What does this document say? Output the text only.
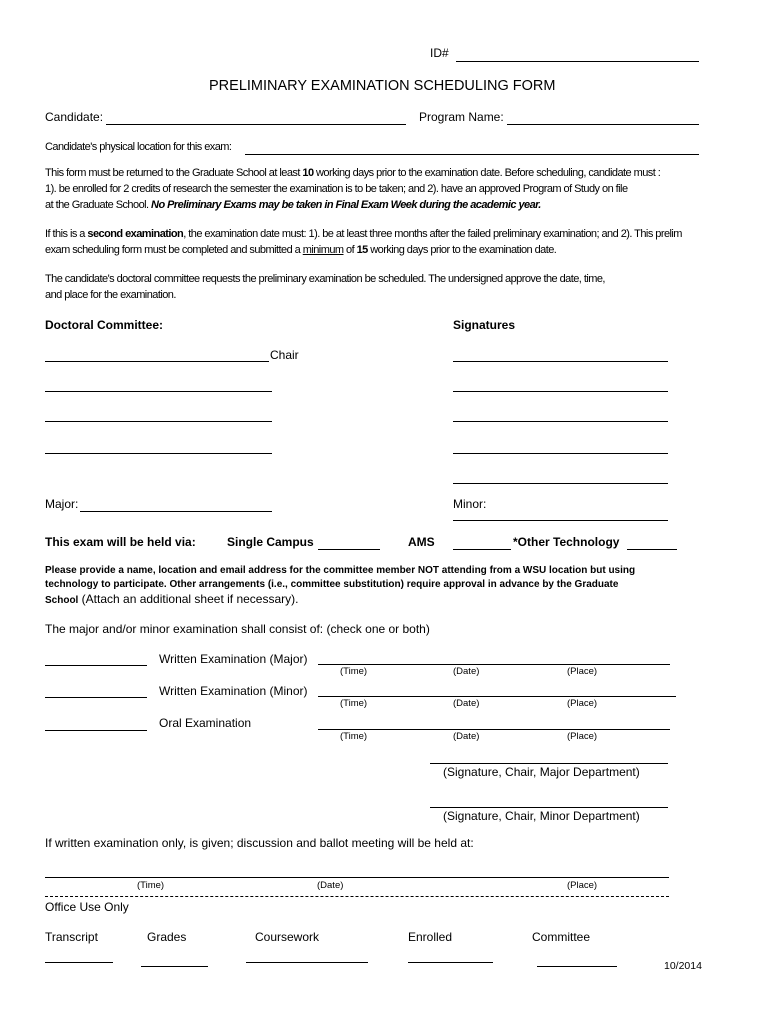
ID#
PRELIMINARY EXAMINATION SCHEDULING FORM
Candidate:	Program Name:
Candidate's physical location for this exam:
This form must be returned to the Graduate School at least 10 working days prior to the examination date. Before scheduling, candidate must :
1). be enrolled for 2 credits of research the semester the examination is to be taken; and 2). have an approved Program of Study on file
at the Graduate School. No Preliminary Exams may be taken in Final Exam Week during the academic year.
If this is a second examination, the examination date must: 1). be at least three months after the failed preliminary examination; and 2). This prelim
exam scheduling form must be completed and submitted a minimum of 15 working days prior to the examination date.
The candidate's doctoral committee requests the preliminary examination be scheduled. The undersigned approve the date, time,
and place for the examination.
Doctoral Committee:	Signatures
Chair
Major:	Minor:
This exam will be held via:	Single Campus	AMS	*Other Technology
Please provide a name, location and email address for the committee member NOT attending from a WSU location but using
technology to participate. Other arrangements (i.e., committee substitution) require approval in advance by the Graduate
School (Attach an additional sheet if necessary).
The major and/or minor examination shall consist of: (check one or both)
Written Examination (Major)
(Time)	(Date)	(Place)
Written Examination (Minor)
(Time)	(Date)	(Place)
Oral Examination
(Time)	(Date)	(Place)
(Signature, Chair, Major Department)
(Signature, Chair, Minor Department)
If written examination only, is given; discussion and ballot meeting will be held at:
(Time)	(Date)	(Place)
Office Use Only
Transcript	Grades	Coursework	Enrolled	Committee
10/2014
